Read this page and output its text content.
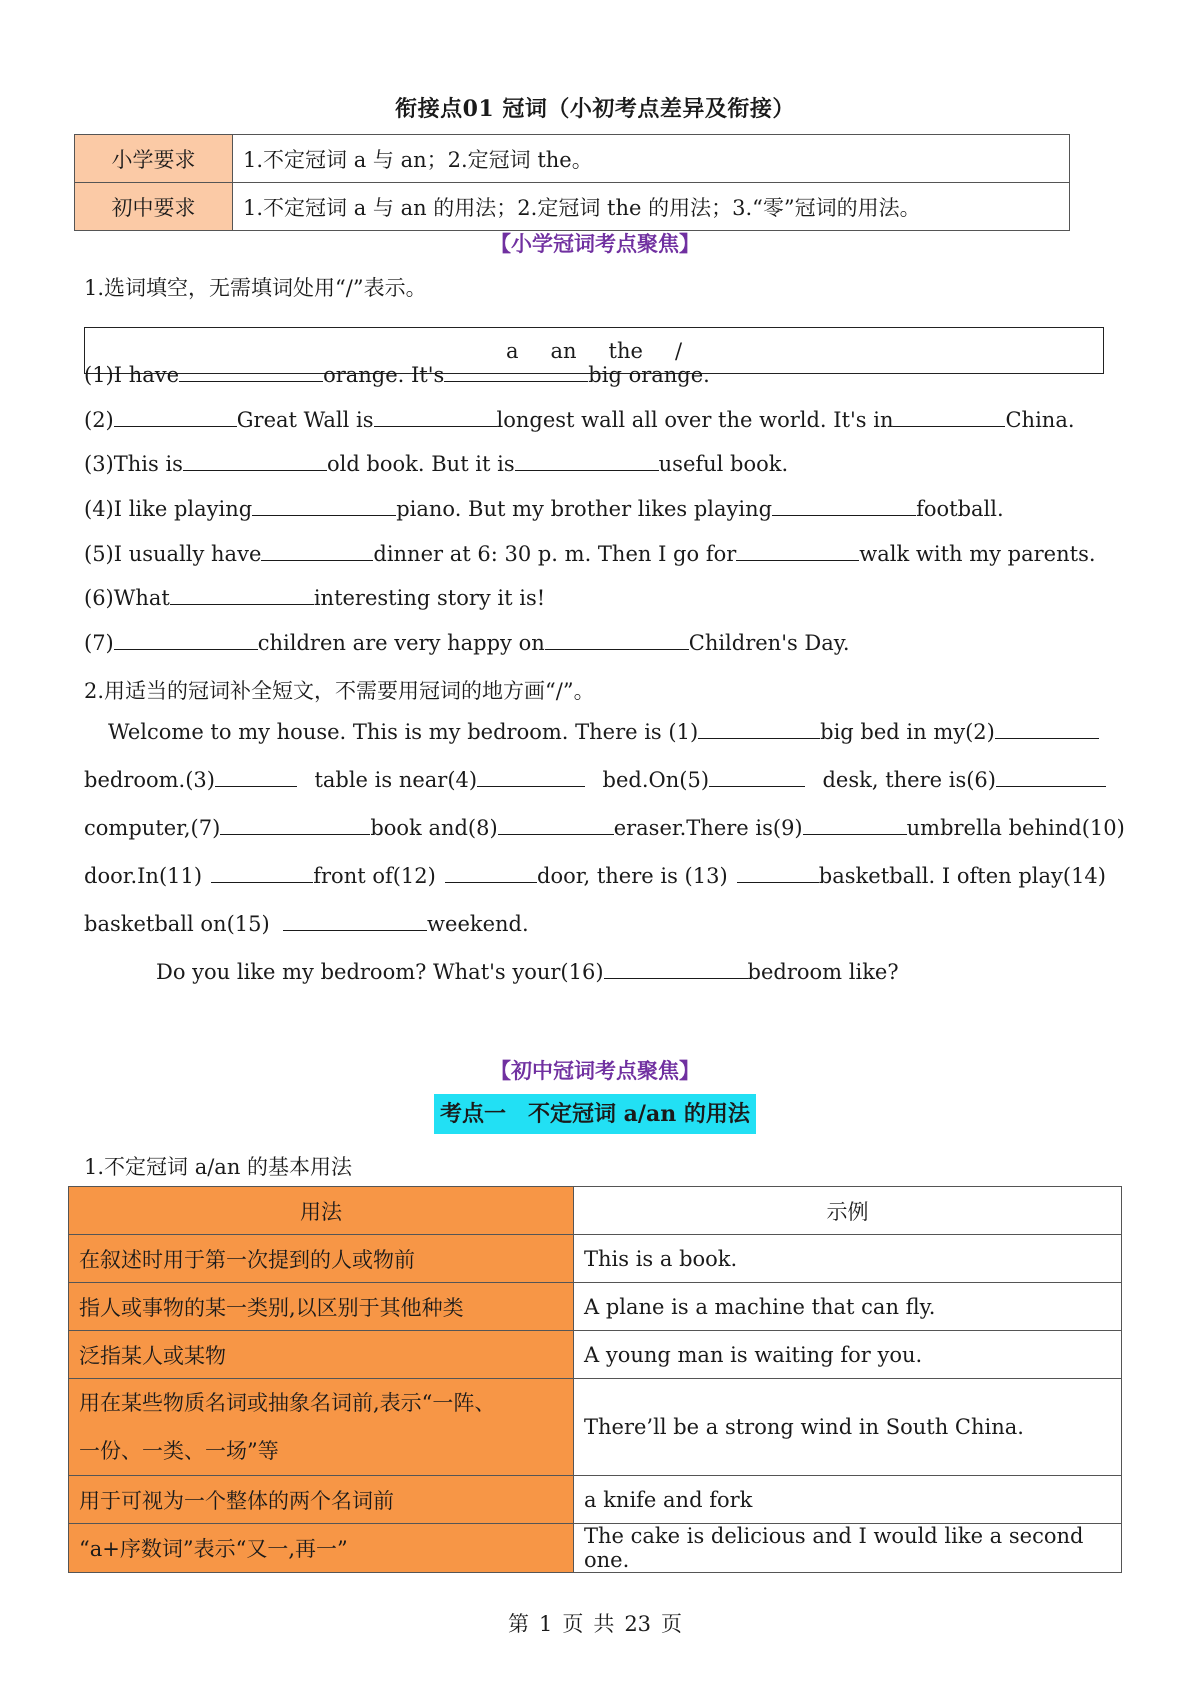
衔接点01 冠词（小初考点差异及衔接）
小学要求	1.不定冠词 a 与 an；2.定冠词 the。
初中要求	1.不定冠词 a 与 an 的用法；2.定冠词 the 的用法；3.“零”冠词的用法。
【小学冠词考点聚焦】
1.选词填空，无需填词处用“/”表示。
a an the /
(1)I have	orange. It's	big orange.
(2)	Great Wall is	longest wall all over the world. It's in	China.
(3)This is	old book. But it is	useful book.
(4)I like playing	piano. But my brother likes playing	football.
(5)I usually have	dinner at 6: 30 p. m. Then I go for	walk with my parents.
(6)What	interesting story it is!
(7)	children are very happy on	Children's Day.
2.用适当的冠词补全短文，不需要用冠词的地方画“/”。
Welcome to my house. This is my bedroom. There is (1)	big bed in my(2)
bedroom.(3)	table is near(4)	bed.On(5)	desk, there is(6)
computer,(7)	book and(8)	eraser.There is(9)	umbrella behind(10)
door.In(11)	front of(12)	door, there is (13)	basketball. I often play(14)
basketball on(15)	weekend.
Do you like my bedroom? What's your(16)	bedroom like?
【初中冠词考点聚焦】
考点一　不定冠词 a/an 的用法
1.不定冠词 a/an 的基本用法
用法	示例
在叙述时用于第一次提到的人或物前	This is a book.
指人或事物的某一类别,以区别于其他种类	A plane is a machine that can fly.
泛指某人或某物	A young man is waiting for you.

用在某些物质名词或抽象名词前,表示“一阵、
一份、一类、一场”等	There’ll be a strong wind in South China.
用于可视为一个整体的两个名词前	a knife and fork
“a+序数词”表示“又一,再一”	The cake is delicious and I would like a second one.
第 1 页 共 23 页
